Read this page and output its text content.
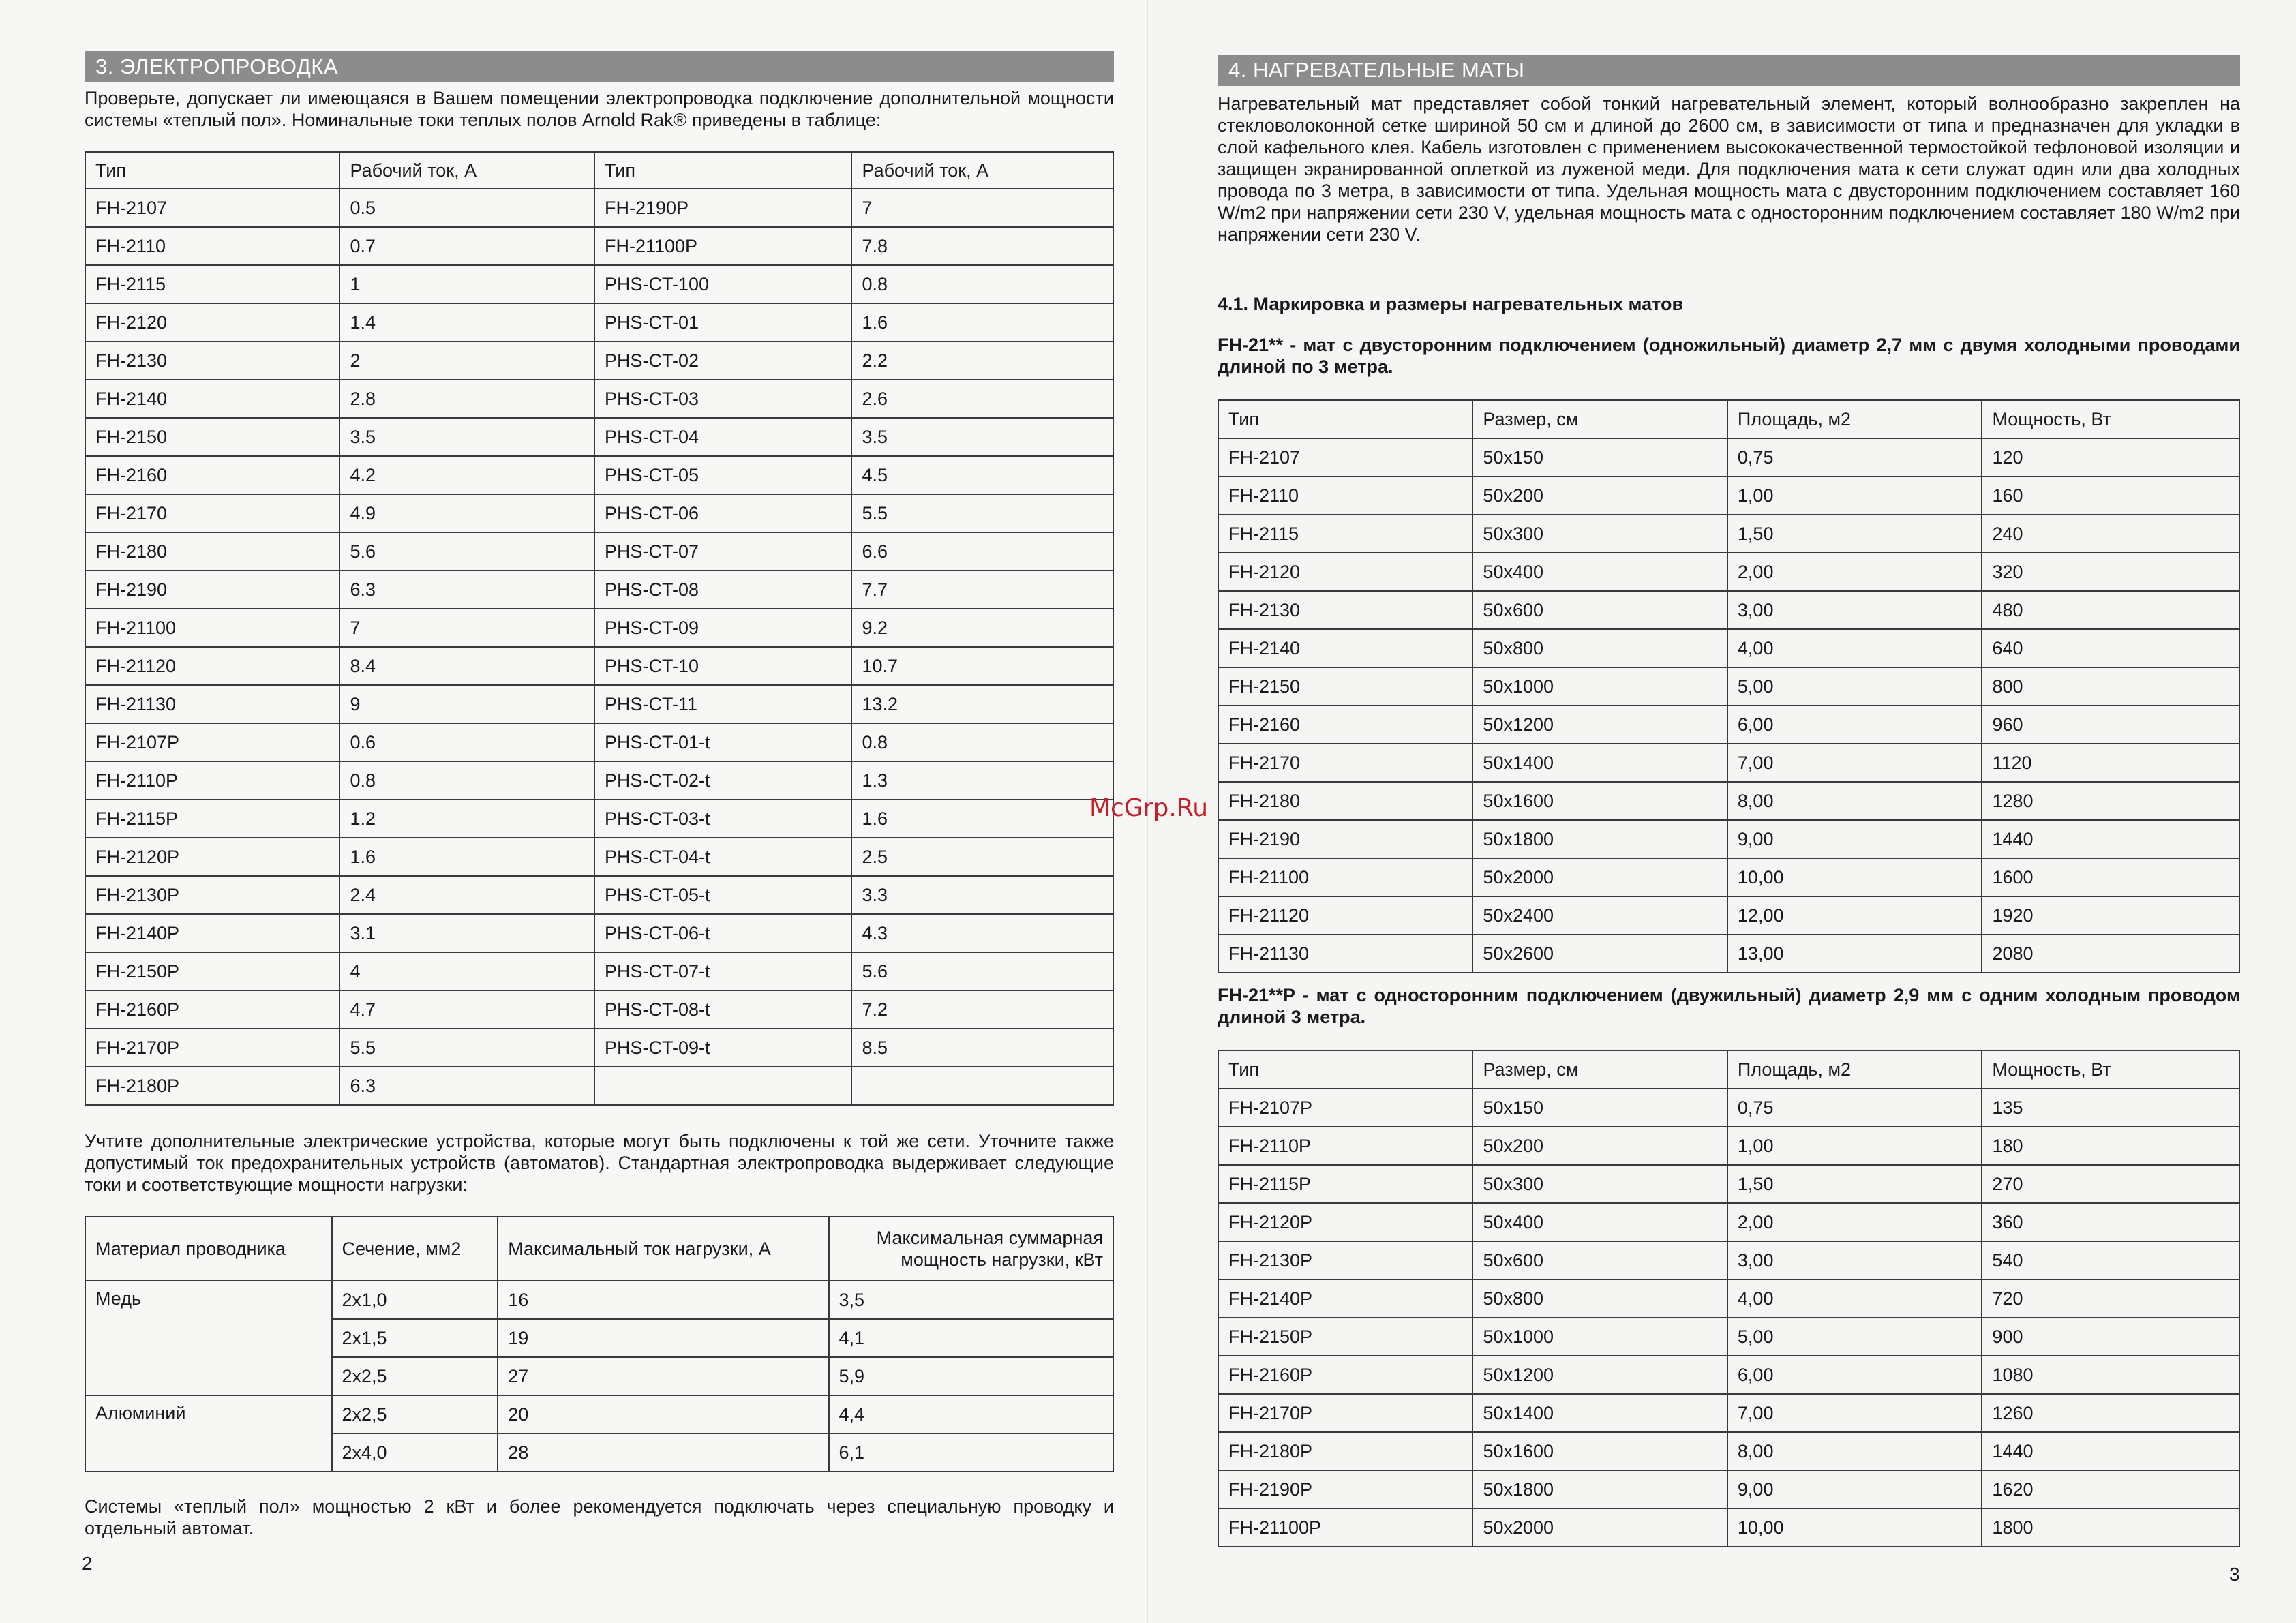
3. ЭЛЕКТРОПРОВОДКА

Проверьте, допускает ли имеющаяся в Вашем помещении электропроводка подключение дополнительной мощности системы «теплый пол». Номинальные токи теплых полов Arnold Rak® приведены в таблице:

Тип	Рабочий ток, А	Тип	Рабочий ток, А
FH-2107	0.5	FH-2190P	7
FH-2110	0.7	FH-21100P	7.8
FH-2115	1	PHS-CT-100	0.8
FH-2120	1.4	PHS-CT-01	1.6
FH-2130	2	PHS-CT-02	2.2
FH-2140	2.8	PHS-CT-03	2.6
FH-2150	3.5	PHS-CT-04	3.5
FH-2160	4.2	PHS-CT-05	4.5
FH-2170	4.9	PHS-CT-06	5.5
FH-2180	5.6	PHS-CT-07	6.6
FH-2190	6.3	PHS-CT-08	7.7
FH-21100	7	PHS-CT-09	9.2
FH-21120	8.4	PHS-CT-10	10.7
FH-21130	9	PHS-CT-11	13.2
FH-2107P	0.6	PHS-CT-01-t	0.8
FH-2110P	0.8	PHS-CT-02-t	1.3
FH-2115P	1.2	PHS-CT-03-t	1.6
FH-2120P	1.6	PHS-CT-04-t	2.5
FH-2130P	2.4	PHS-CT-05-t	3.3
FH-2140P	3.1	PHS-CT-06-t	4.3
FH-2150P	4	PHS-CT-07-t	5.6
FH-2160P	4.7	PHS-CT-08-t	7.2
FH-2170P	5.5	PHS-CT-09-t	8.5
FH-2180P	6.3		

Учтите дополнительные электрические устройства, которые могут быть подключены к той же сети. Уточните также допустимый ток предохранительных устройств (автоматов). Стандартная электропроводка выдерживает следующие токи и соответствующие мощности нагрузки:

Материал проводника	Сечение, мм2	Максимальный ток нагрузки, А	Максимальная суммарная мощность нагрузки, кВт
Медь	2x1,0	16	3,5
	2x1,5	19	4,1
	2x2,5	27	5,9
Алюминий	2x2,5	20	4,4
	2x4,0	28	6,1

Системы «теплый пол» мощностью 2 кВт и более рекомендуется подключать через специальную проводку и отдельный автомат.

2
4. НАГРЕВАТЕЛЬНЫЕ МАТЫ

Нагревательный мат представляет собой тонкий нагревательный элемент, который волнообразно закреплен на стекловолоконной сетке шириной 50 cм и длиной до 2600 см, в зависимости от типа и предназначен для укладки в слой кафельного клея. Кабель изготовлен с применением высококачественной термостойкой тефлоновой изоляции и защищен экранированной оплеткой из луженой меди. Для подключения мата к сети служат один или два холодных провода по 3 метра, в зависимости от типа. Удельная мощность мата с двусторонним подключением составляет 160 W/m2 при напряжении сети 230 V, удельная мощность мата с односторонним подключением составляет 180 W/m2 при напряжении сети 230 V.

4.1. Маркировка и размеры нагревательных матов

FH-21** - мат с двусторонним подключением (одножильный) диаметр 2,7 мм с двумя холодными проводами длиной по 3 метра.

Тип	Размер, см	Площадь, м2	Мощность, Вт
FH-2107	50x150	0,75	120
FH-2110	50x200	1,00	160
FH-2115	50x300	1,50	240
FH-2120	50x400	2,00	320
FH-2130	50x600	3,00	480
FH-2140	50x800	4,00	640
FH-2150	50x1000	5,00	800
FH-2160	50x1200	6,00	960
FH-2170	50x1400	7,00	1120
FH-2180	50x1600	8,00	1280
FH-2190	50x1800	9,00	1440
FH-21100	50x2000	10,00	1600
FH-21120	50x2400	12,00	1920
FH-21130	50x2600	13,00	2080

FH-21**P - мат с односторонним подключением (двужильный) диаметр 2,9 мм с одним холодным проводом длиной 3 метра.

Тип	Размер, см	Площадь, м2	Мощность, Вт
FH-2107P	50x150	0,75	135
FH-2110P	50x200	1,00	180
FH-2115P	50x300	1,50	270
FH-2120P	50x400	2,00	360
FH-2130P	50x600	3,00	540
FH-2140P	50x800	4,00	720
FH-2150P	50x1000	5,00	900
FH-2160P	50x1200	6,00	1080
FH-2170P	50x1400	7,00	1260
FH-2180P	50x1600	8,00	1440
FH-2190P	50x1800	9,00	1620
FH-21100P	50x2000	10,00	1800
3
McGrp.Ru
